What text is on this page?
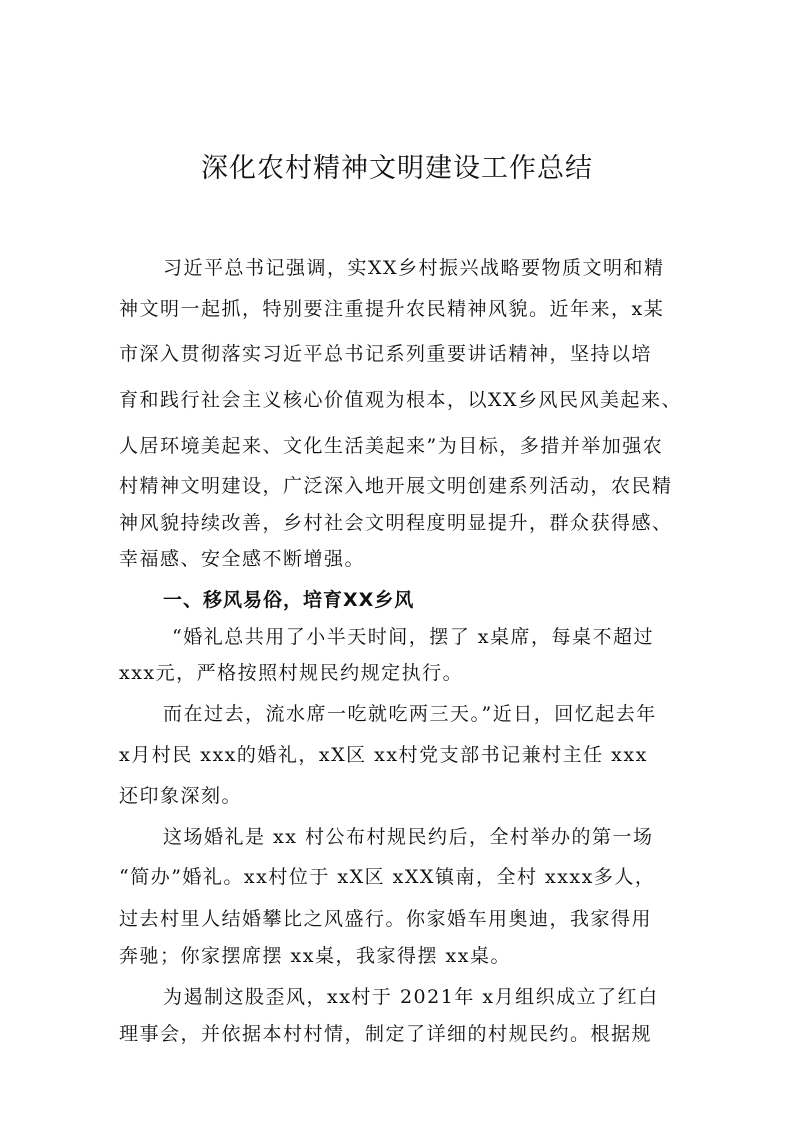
深化农村精神文明建设工作总结
习近平总书记强调，实XX乡村振兴战略要物质文明和精
神文明一起抓，特别要注重提升农民精神风貌。近年来，x某
市深入贯彻落实习近平总书记系列重要讲话精神，坚持以培
育和践行社会主义核心价值观为根本，以XX乡风民风美起来、
人居环境美起来、文化生活美起来”为目标，多措并举加强农
村精神文明建设，广泛深入地开展文明创建系列活动，农民精
神风貌持续改善，乡村社会文明程度明显提升，群众获得感、
幸福感、安全感不断增强。
一、移风易俗，培育XX乡风
“婚礼总共用了小半天时间，摆了 x桌席，每桌不超过
xxx元，严格按照村规民约规定执行。
而在过去，流水席一吃就吃两三天。”近日，回忆起去年
x月村民 xxx的婚礼，xX区 xx村党支部书记兼村主任 xxx
还印象深刻。
这场婚礼是 xx 村公布村规民约后，全村举办的第一场
“简办”婚礼。xx村位于 xX区 xXX镇南，全村 xxxx多人，
过去村里人结婚攀比之风盛行。你家婚车用奥迪，我家得用
奔驰；你家摆席摆 xx桌，我家得摆 xx桌。
为遏制这股歪风，xx村于 2021年 x月组织成立了红白
理事会，并依据本村村情，制定了详细的村规民约。根据规
